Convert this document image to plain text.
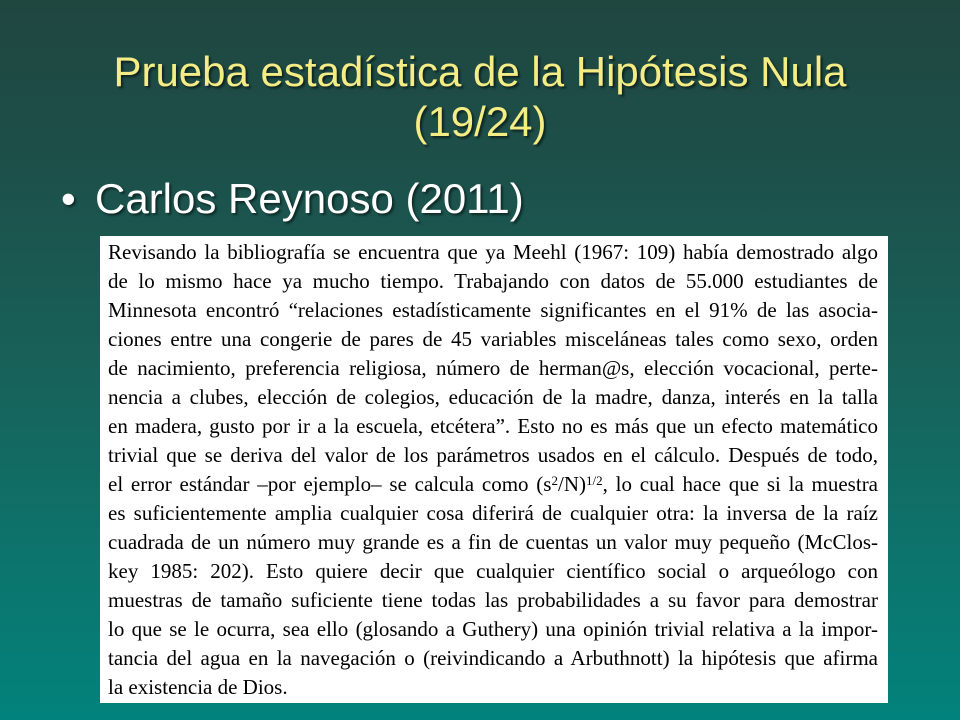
Prueba estadística de la Hipótesis Nula
(19/24)
• Carlos Reynoso (2011)
Revisando la bibliografía se encuentra que ya Meehl (1967: 109) había demostrado algo
de lo mismo hace ya mucho tiempo. Trabajando con datos de 55.000 estudiantes de
Minnesota encontró “relaciones estadísticamente significantes en el 91% de las asocia-
ciones entre una congerie de pares de 45 variables misceláneas tales como sexo, orden
de nacimiento, preferencia religiosa, número de herman@s, elección vocacional, perte-
nencia a clubes, elección de colegios, educación de la madre, danza, interés en la talla
en madera, gusto por ir a la escuela, etcétera”. Esto no es más que un efecto matemático
trivial que se deriva del valor de los parámetros usados en el cálculo. Después de todo,
el error estándar –por ejemplo– se calcula como $(s^2/N)^{1/2}$, lo cual hace que si la muestra
es suficientemente amplia cualquier cosa diferirá de cualquier otra: la inversa de la raíz
cuadrada de un número muy grande es a fin de cuentas un valor muy pequeño (McClos-
key 1985: 202). Esto quiere decir que cualquier científico social o arqueólogo con
muestras de tamaño suficiente tiene todas las probabilidades a su favor para demostrar
lo que se le ocurra, sea ello (glosando a Guthery) una opinión trivial relativa a la impor-
tancia del agua en la navegación o (reivindicando a Arbuthnott) la hipótesis que afirma
la existencia de Dios.
